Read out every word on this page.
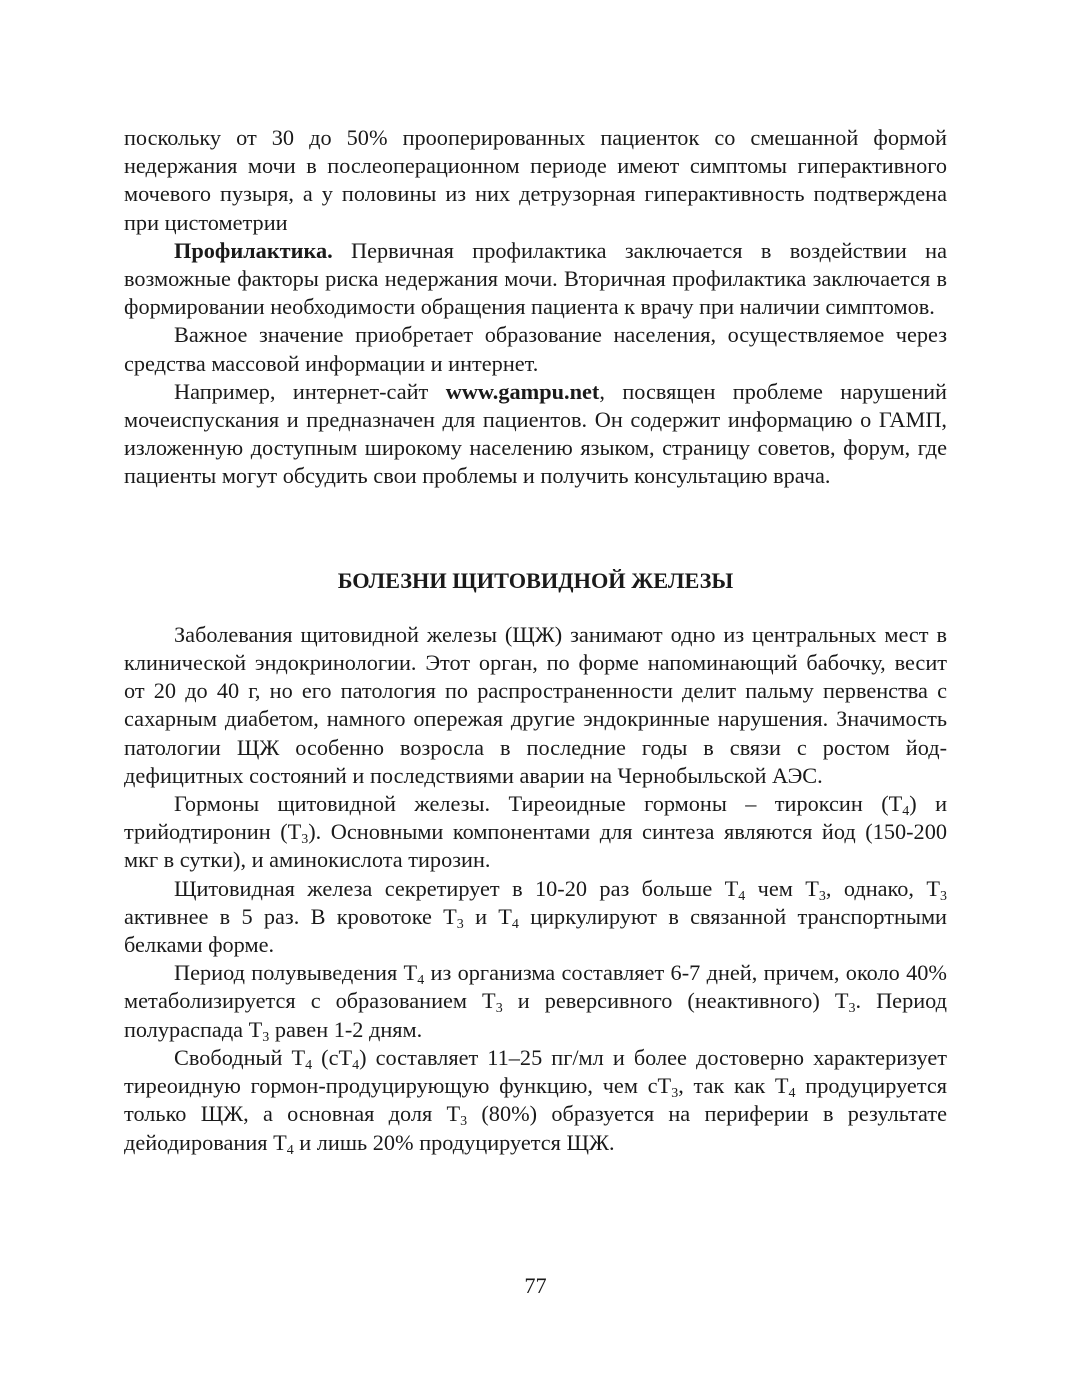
поскольку от 30 до 50% прооперированных пациенток со смешанной формой недержания мочи в послеоперационном периоде имеют симптомы гиперактивного мочевого пузыря, а у половины из них детрузорная гиперактивность подтверждена при цистометрии

Профилактика. Первичная профилактика заключается в воздействии на возможные факторы риска недержания мочи. Вторичная профилактика заключается в формировании необходимости обращения пациента к врачу при наличии симптомов.

Важное значение приобретает образование населения, осуществляемое через средства массовой информации и интернет.

Например, интернет-сайт www.gampu.net, посвящен проблеме нарушений мочеиспускания и предназначен для пациентов. Он содержит информацию о ГАМП, изложенную доступным широкому населению языком, страницу советов, форум, где пациенты могут обсудить свои проблемы и получить консультацию врача.

БОЛЕЗНИ ЩИТОВИДНОЙ ЖЕЛЕЗЫ

Заболевания щитовидной железы (ЩЖ) занимают одно из центральных мест в клинической эндокринологии. Этот орган, по форме напоминающий бабочку, весит от 20 до 40 г, но его патология по распространенности делит пальму первенства с сахарным диабетом, намного опережая другие эндокринные нарушения. Значимость патологии ЩЖ особенно возросла в последние годы в связи с ростом йод-дефицитных состояний и последствиями аварии на Чернобыльской АЭС.

Гормоны щитовидной железы. Тиреоидные гормоны – тироксин $(Т_4)$ и трийодтиронин $(Т_3)$. Основными компонентами для синтеза являются йод (150-200 мкг в сутки), и аминокислота тирозин.

Щитовидная железа секретирует в 10-20 раз больше $Т_4$ чем $Т_3$, однако, $Т_3$ активнее в 5 раз. В кровотоке $Т_3$ и $Т_4$ циркулируют в связанной транспортными белками форме.

Период полувыведения $Т_4$ из организма составляет 6-7 дней, причем, около 40% метаболизируется с образованием $Т_3$ и реверсивного (неактивного) $Т_3$. Период полураспада $Т_3$ равен 1-2 дням.

Свободный $Т_4$ $(сТ_4)$ составляет 11–25 пг/мл и более достоверно характеризует тиреоидную гормон-продуцирующую функцию, чем $сТ_3$, так как $Т_4$ продуцируется только ЩЖ, а основная доля $Т_3$ (80%) образуется на периферии в результате дейодирования $Т_4$ и лишь 20% продуцируется ЩЖ.

77
